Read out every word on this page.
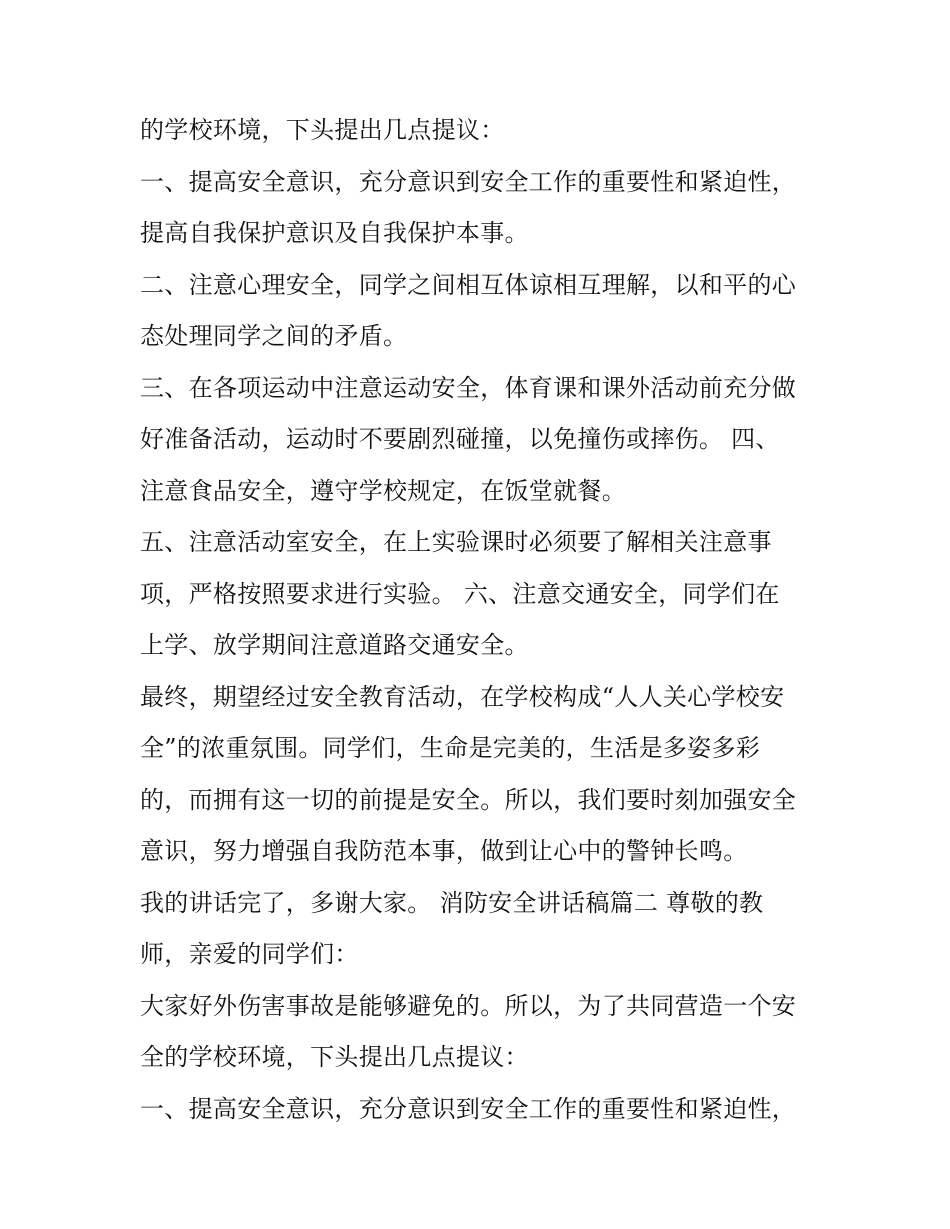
的学校环境，下头提出几点提议：
一、提高安全意识，充分意识到安全工作的重要性和紧迫性，
提高自我保护意识及自我保护本事。
二、注意心理安全，同学之间相互体谅相互理解，以和平的心
态处理同学之间的矛盾。
三、在各项运动中注意运动安全，体育课和课外活动前充分做
好准备活动，运动时不要剧烈碰撞，以免撞伤或摔伤。 四、
注意食品安全，遵守学校规定，在饭堂就餐。
五、注意活动室安全，在上实验课时必须要了解相关注意事
项，严格按照要求进行实验。 六、注意交通安全，同学们在
上学、放学期间注意道路交通安全。
最终，期望经过安全教育活动，在学校构成“人人关心学校安
全”的浓重氛围。同学们，生命是完美的，生活是多姿多彩
的，而拥有这一切的前提是安全。所以，我们要时刻加强安全
意识，努力增强自我防范本事，做到让心中的警钟长鸣。
我的讲话完了，多谢大家。 消防安全讲话稿篇二 尊敬的教
师，亲爱的同学们：
大家好外伤害事故是能够避免的。所以，为了共同营造一个安
全的学校环境，下头提出几点提议：
一、提高安全意识，充分意识到安全工作的重要性和紧迫性，
